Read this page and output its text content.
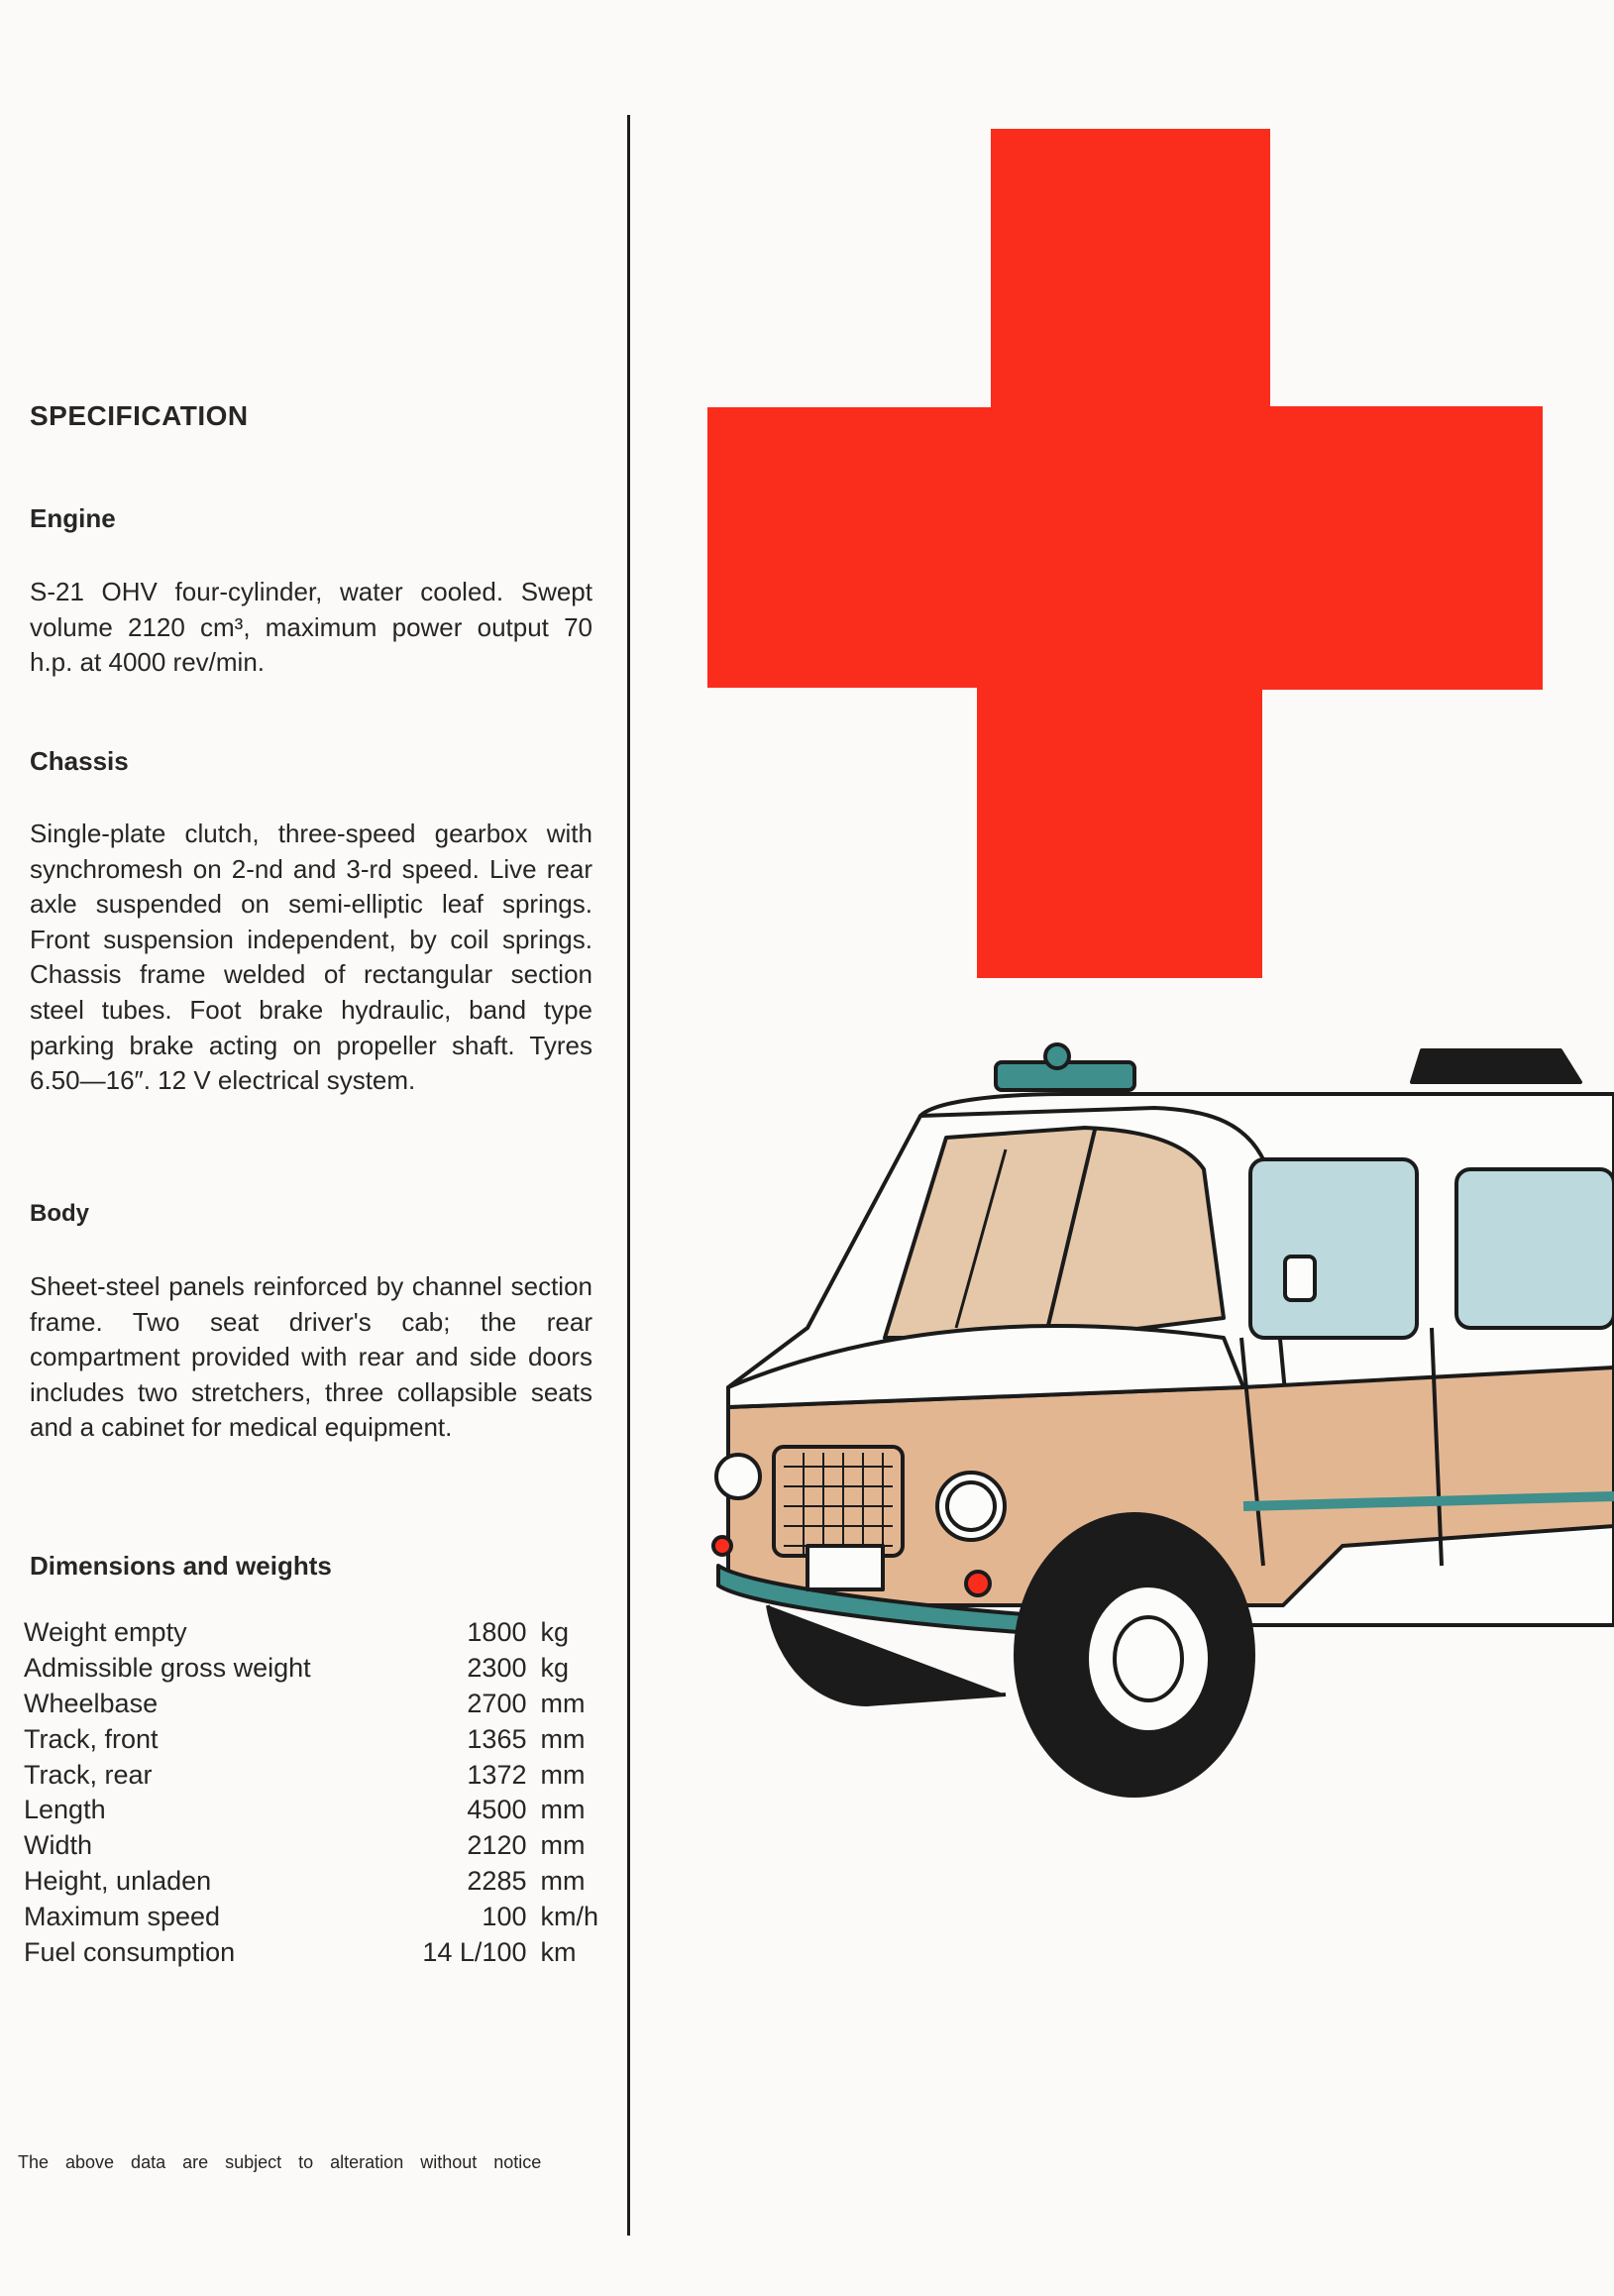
SPECIFICATION
Engine

S-21 OHV four-cylinder, water cooled. Swept volume 2120 cm³, maximum power output 70 h.p. at 4000 rev/min.

Chassis

Single-plate clutch, three-speed gearbox with synchromesh on 2-nd and 3-rd speed. Live rear axle suspended on semi-elliptic leaf springs. Front suspension independent, by coil springs. Chassis frame welded of rectangular section steel tubes. Foot brake hydraulic, band type parking brake acting on propeller shaft. Tyres 6.50—16″. 12 V electrical system.

Body

Sheet-steel panels reinforced by channel section frame. Two seat driver's cab; the rear compartment provided with rear and side doors includes two stretchers, three collapsible seats and a cabinet for medical equipment.

Dimensions and weights
Weight empty	1800	kg
Admissible gross weight	2300	kg
Wheelbase	2700	mm
Track, front	1365	mm
Track, rear	1372	mm
Length	4500	mm
Width	2120	mm
Height, unladen	2285	mm
Maximum speed	100	km/h
Fuel consumption	14 L/100	km

The above data are subject to alteration without notice
